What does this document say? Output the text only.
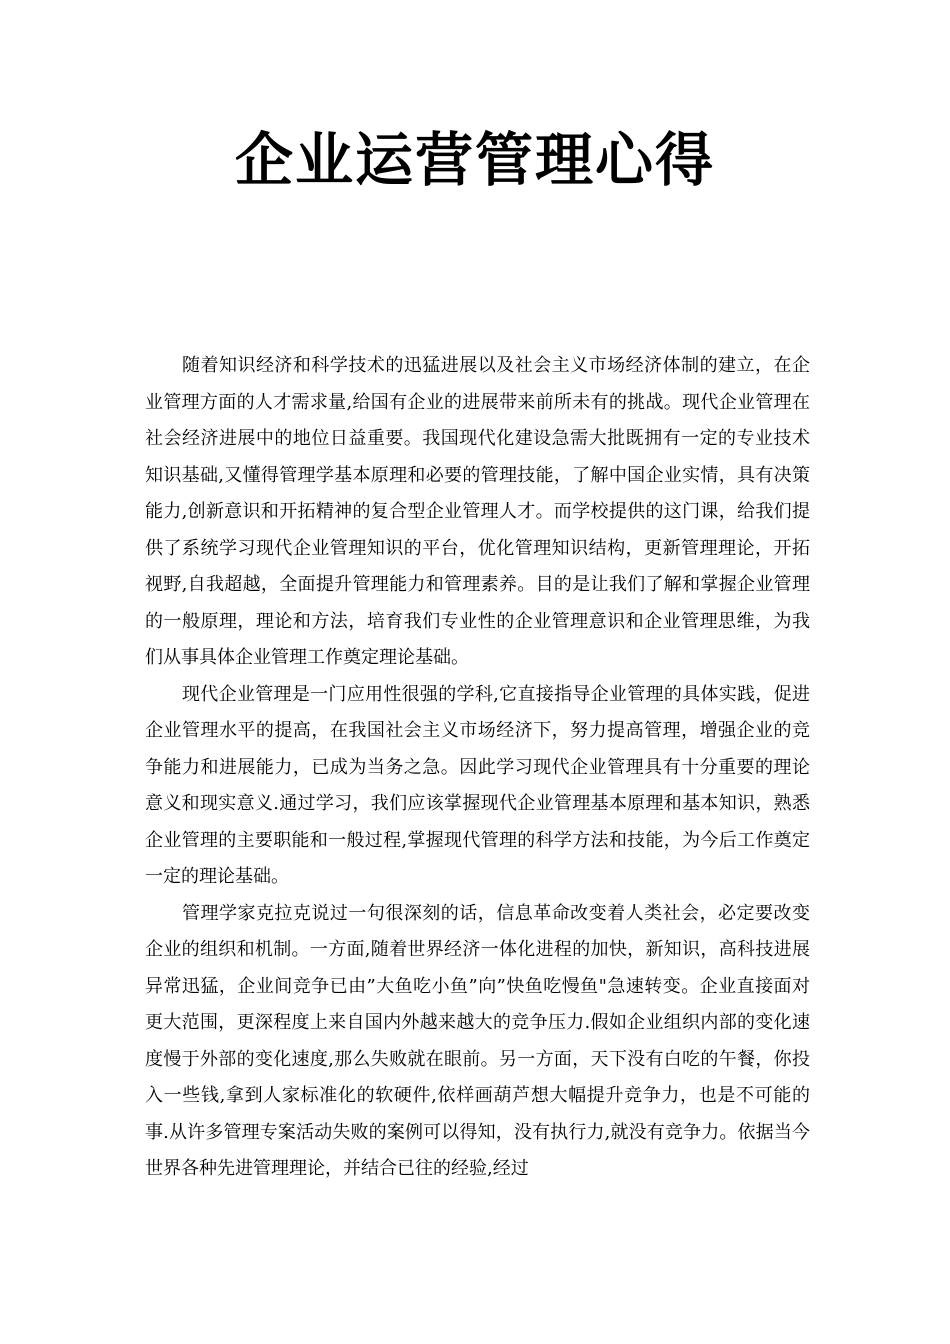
企业运营管理心得

随着知识经济和科学技术的迅猛进展以及社会主义市场经济体制的建立，在企业管理方面的人才需求量,给国有企业的进展带来前所未有的挑战。现代企业管理在社会经济进展中的地位日益重要。我国现代化建设急需大批既拥有一定的专业技术知识基础,又懂得管理学基本原理和必要的管理技能，了解中国企业实情，具有决策能力,创新意识和开拓精神的复合型企业管理人才。而学校提供的这门课，给我们提供了系统学习现代企业管理知识的平台，优化管理知识结构，更新管理理论，开拓视野,自我超越，全面提升管理能力和管理素养。目的是让我们了解和掌握企业管理的一般原理，理论和方法，培育我们专业性的企业管理意识和企业管理思维，为我们从事具体企业管理工作奠定理论基础。

现代企业管理是一门应用性很强的学科,它直接指导企业管理的具体实践，促进企业管理水平的提高，在我国社会主义市场经济下，努力提高管理，增强企业的竞争能力和进展能力，已成为当务之急。因此学习现代企业管理具有十分重要的理论意义和现实意义.通过学习，我们应该掌握现代企业管理基本原理和基本知识，熟悉企业管理的主要职能和一般过程,掌握现代管理的科学方法和技能，为今后工作奠定一定的理论基础。

管理学家克拉克说过一句很深刻的话，信息革命改变着人类社会，必定要改变企业的组织和机制。一方面,随着世界经济一体化进程的加快，新知识，高科技进展异常迅猛，企业间竞争已由”大鱼吃小鱼”向”快鱼吃慢鱼"急速转变。企业直接面对更大范围，更深程度上来自国内外越来越大的竞争压力.假如企业组织内部的变化速度慢于外部的变化速度,那么失败就在眼前。另一方面，天下没有白吃的午餐，你投入一些钱,拿到人家标准化的软硬件,依样画葫芦想大幅提升竞争力，也是不可能的事.从许多管理专案活动失败的案例可以得知，没有执行力,就没有竞争力。依据当今世界各种先进管理理论，并结合已往的经验,经过
